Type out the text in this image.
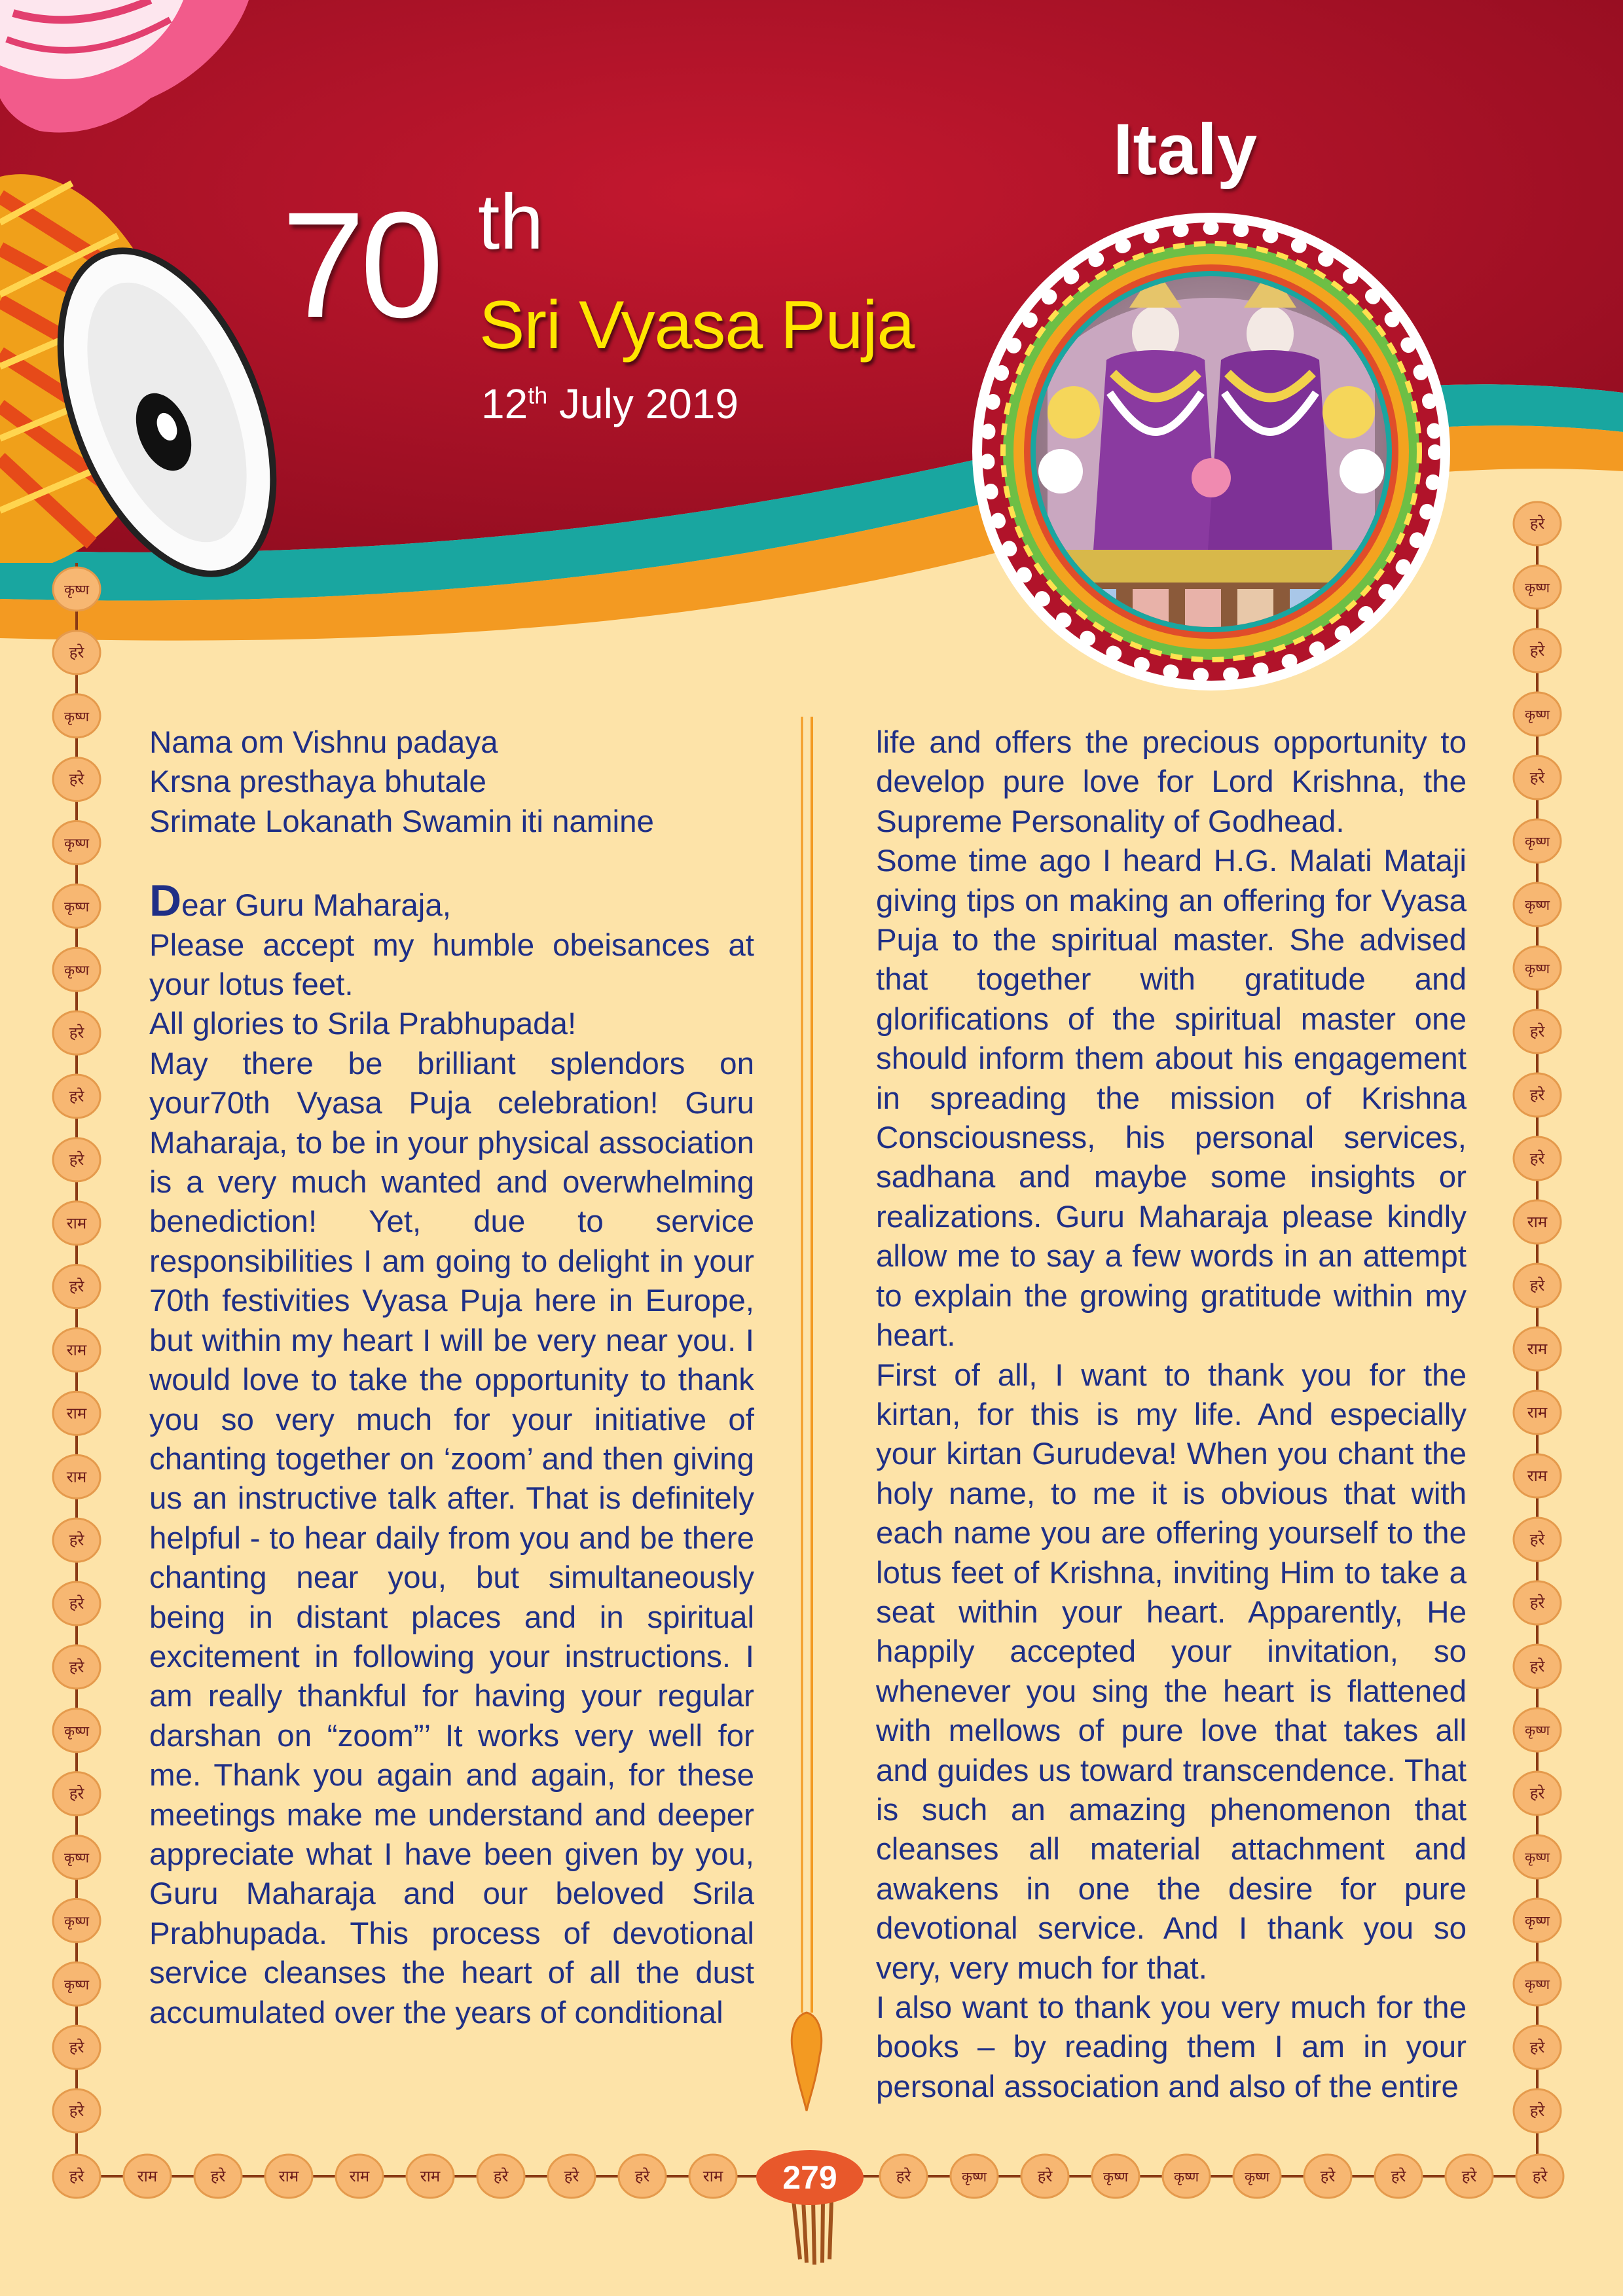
70 th
Sri Vyasa Puja
12th July 2019
Italy
कृष्ण
हरे
कृष्ण
हरे
कृष्ण
कृष्ण
कृष्ण
हरे
हरे
हरे
राम
हरे
राम
राम
राम
हरे
हरे
हरे
कृष्ण
हरे
कृष्ण
कृष्ण
कृष्ण
हरे
हरे
हरे
कृष्ण
हरे
कृष्ण
हरे
कृष्ण
कृष्ण
कृष्ण
हरे
हरे
हरे
राम
हरे
राम
राम
राम
हरे
हरे
हरे
कृष्ण
हरे
कृष्ण
कृष्ण
कृष्ण
हरे
हरे
हरे	राम	हरे	राम	राम	राम	हरे	हरे	हरे	राम	हरे	कृष्ण	हरे	कृष्ण	कृष्ण	कृष्ण	हरे	हरे	हरे	हरे

Nama om Vishnu padaya

Krsna presthaya bhutale

Srimate Lokanath Swamin iti namine

Dear Guru Maharaja,

Please accept my humble obeisances at your lotus feet.

All glories to Srila Prabhupada!

May there be brilliant splendors on your70th Vyasa Puja celebration! Guru Maharaja, to be in your physical association is a very much wanted and overwhelming benediction! Yet, due to service responsibilities I am going to delight in your 70th festivities Vyasa Puja here in Europe, but within my heart I will be very near you. I would love to take the opportunity to thank you so very much for your initiative of chanting together on ‘zoom’ and then giving us an instructive talk after. That is definitely helpful - to hear daily from you and be there chanting near you, but simultaneously being in distant places and in spiritual excitement in following your instructions. I am really thankful for having your regular darshan on “zoom”’ It works very well for me. Thank you again and again, for these meetings make me understand and deeper appreciate what I have been given by you, Guru Maharaja and our beloved Srila Prabhupada. This process of devotional service cleanses the heart of all the dust accumulated over the years of conditional

life and offers the precious opportunity to develop pure love for Lord Krishna, the Supreme Personality of Godhead.

Some time ago I heard H.G. Malati Mataji giving tips on making an offering for Vyasa Puja to the spiritual master. She advised that together with gratitude and glorifications of the spiritual master one should inform them about his engagement in spreading the mission of Krishna Consciousness, his personal services, sadhana and maybe some insights or realizations. Guru Maharaja please kindly allow me to say a few words in an attempt to explain the growing gratitude within my heart.

First of all, I want to thank you for the kirtan, for this is my life. And especially your kirtan Gurudeva! When you chant the holy name, to me it is obvious that with each name you are offering yourself to the lotus feet of Krishna, inviting Him to take a seat within your heart. Apparently, He happily accepted your invitation, so whenever you sing the heart is flattened with mellows of pure love that takes all and guides us toward transcendence. That is such an amazing phenomenon that cleanses all material attachment and awakens in one the desire for pure devotional service. And I thank you so very, very much for that.

I also want to thank you very much for the books – by reading them I am in your personal association and also of the entire

279
